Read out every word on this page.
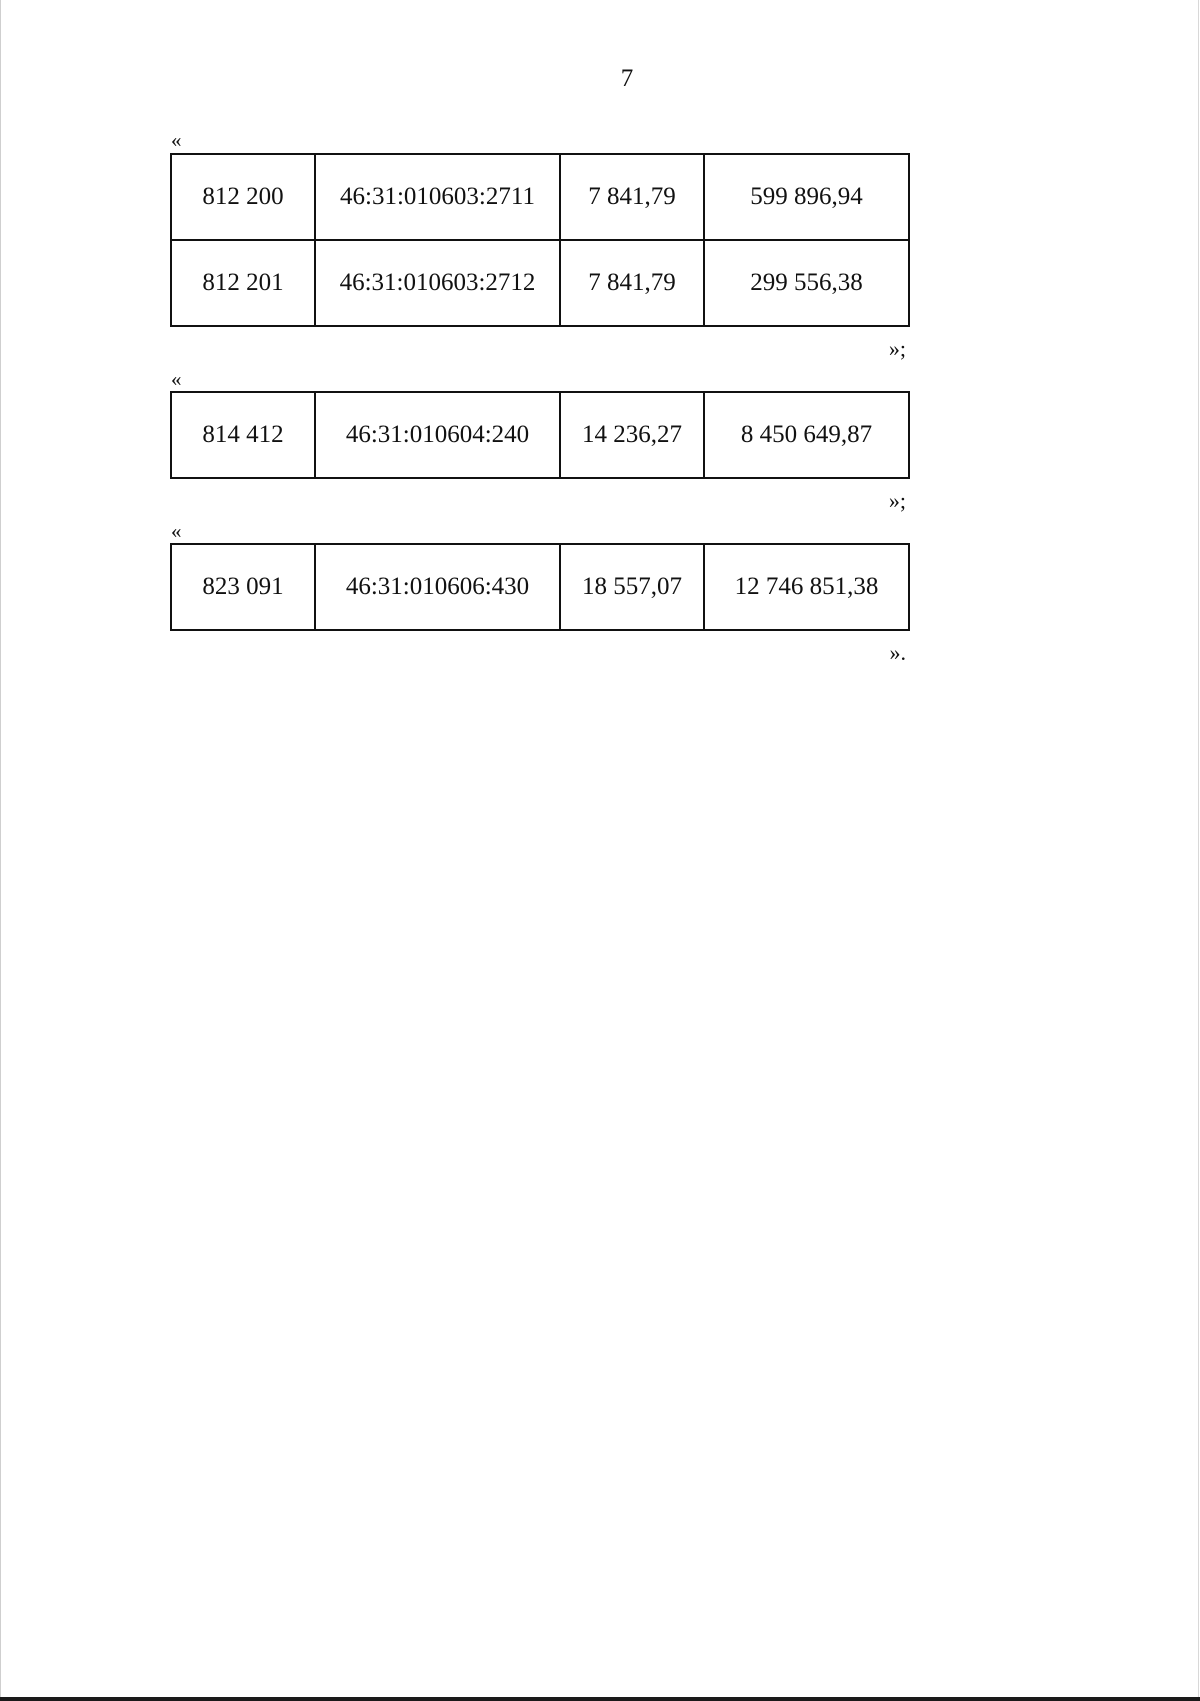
7
«
812 200	46:31:010603:2711	7 841,79	599 896,94
812 201	46:31:010603:2712	7 841,79	299 556,38
»;
«
814 412	46:31:010604:240	14 236,27	8 450 649,87
»;
«
823 091	46:31:010606:430	18 557,07	12 746 851,38
».
